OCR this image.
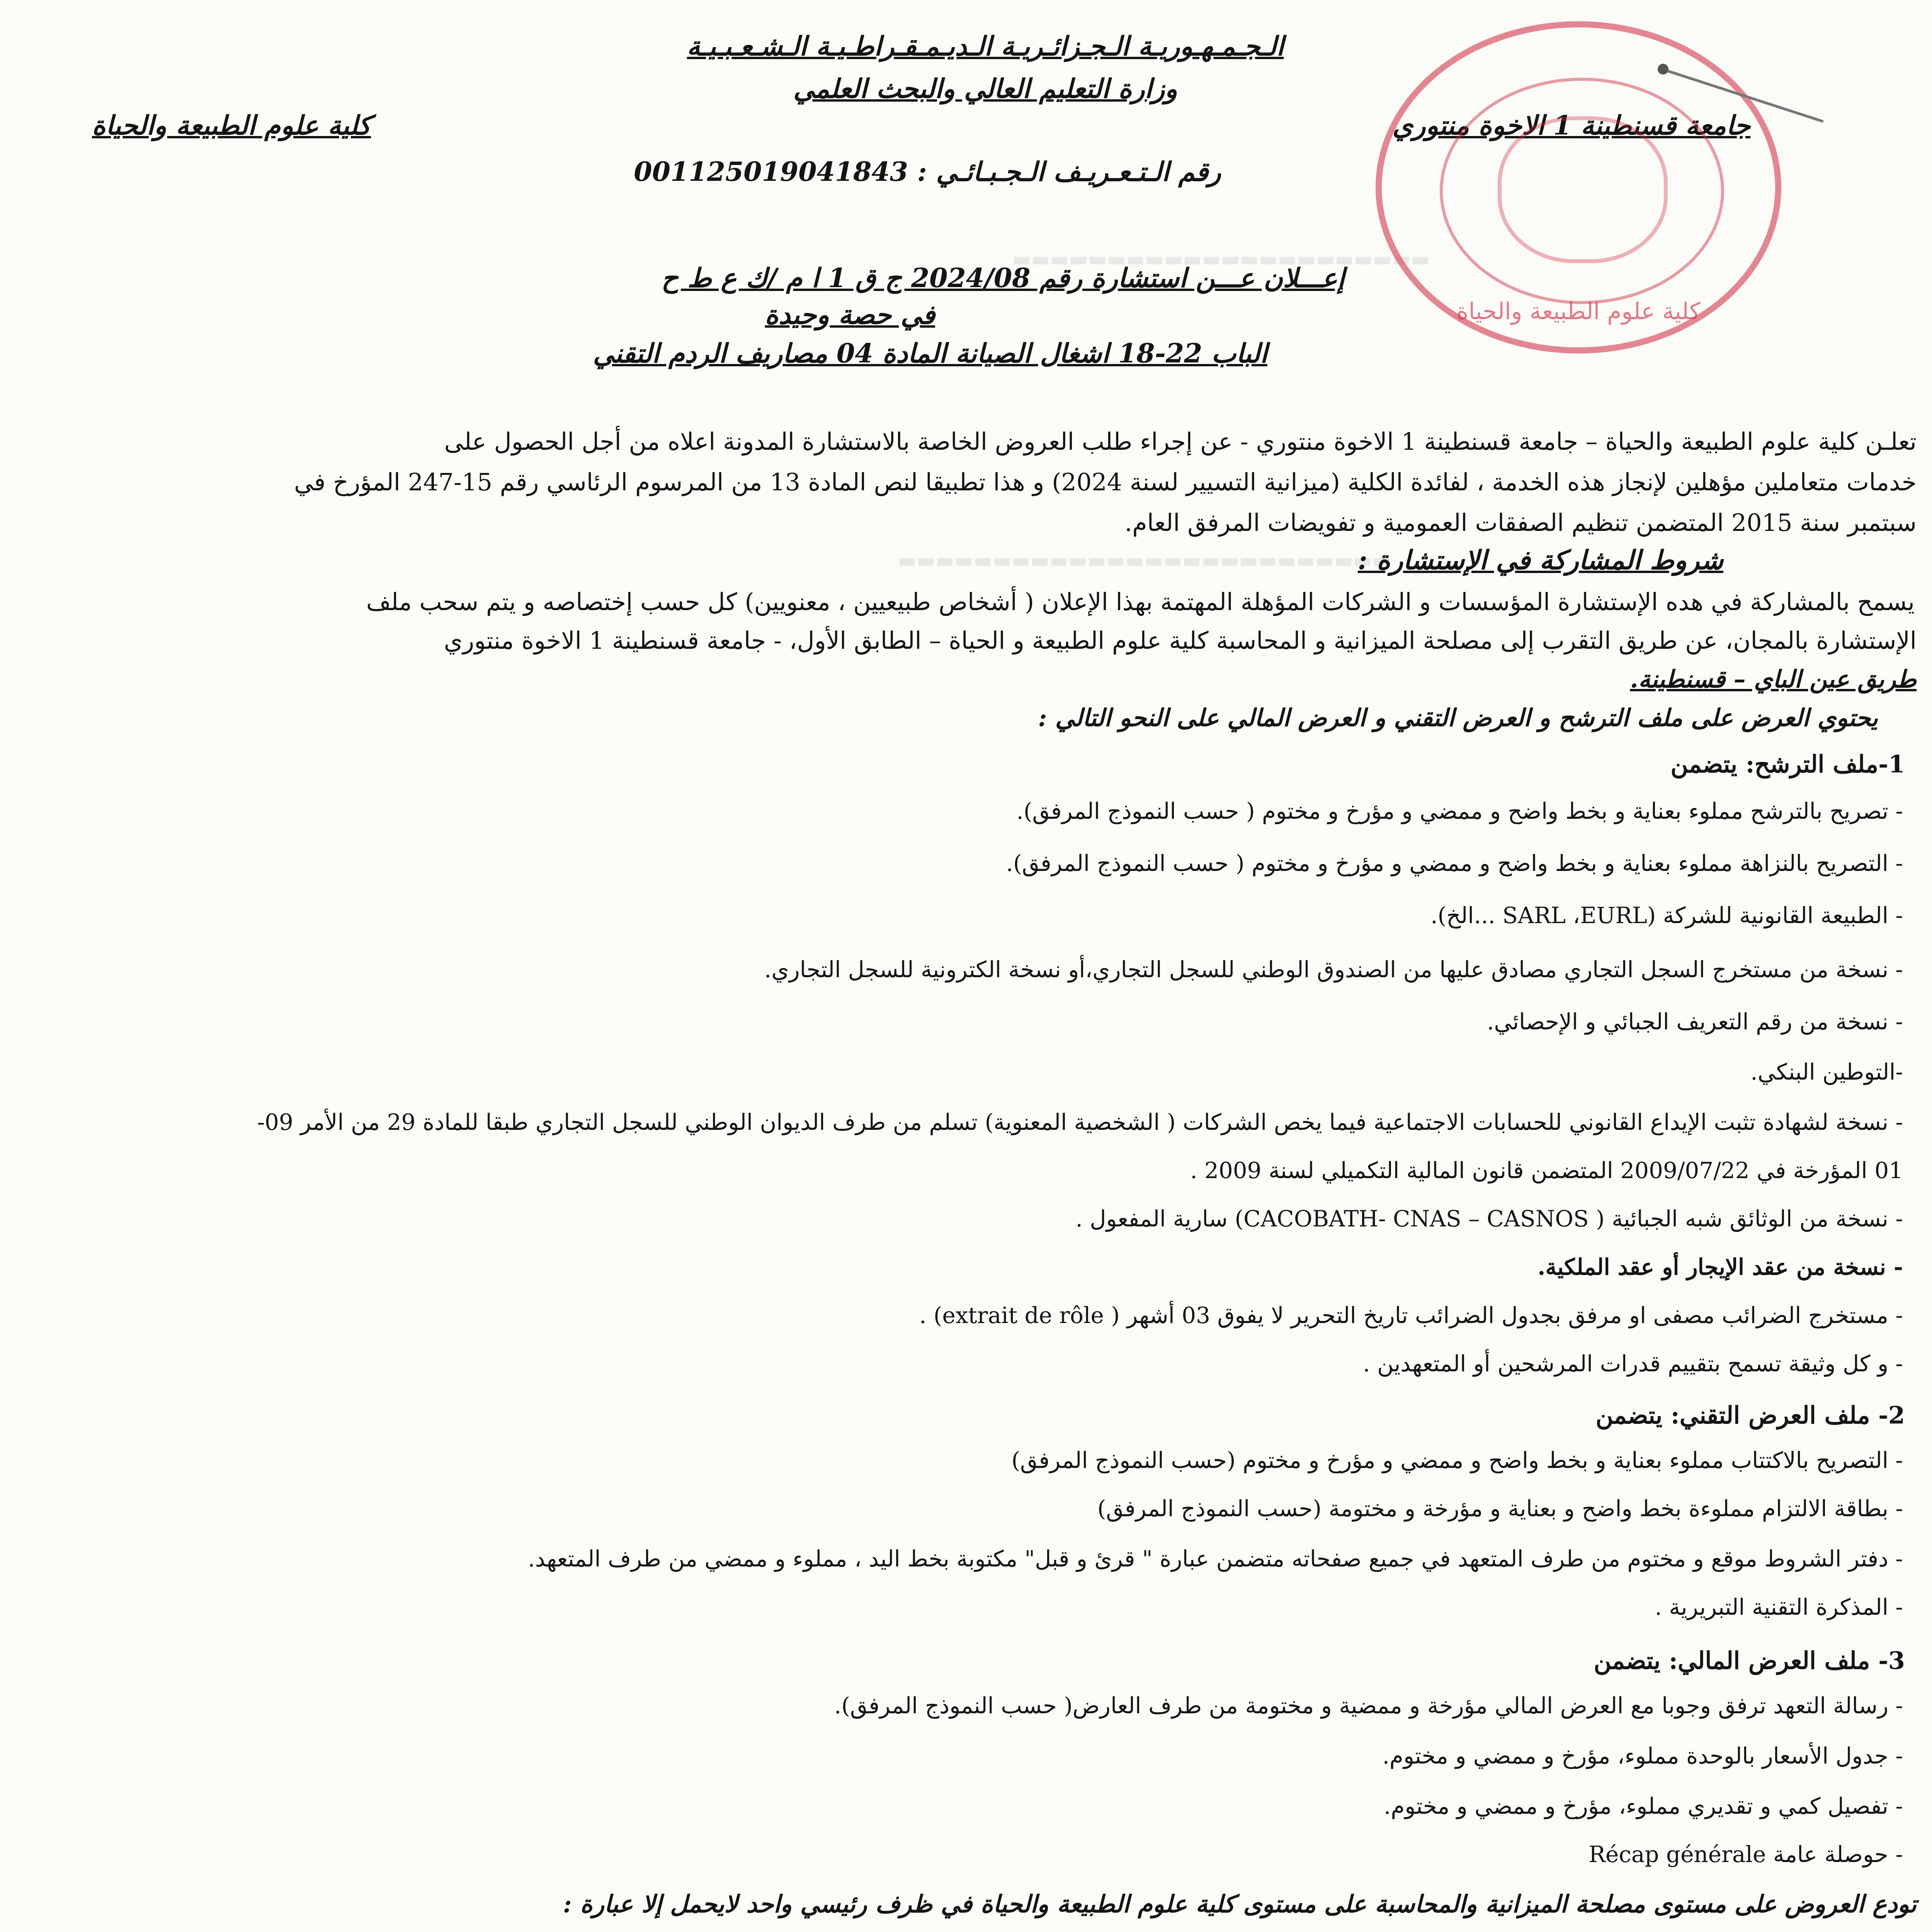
▬▬▬▬▬▬▬▬▬▬▬▬▬▬▬▬▬▬▬▬▬▬
▬▬▬▬▬▬▬▬▬▬▬▬▬▬▬▬▬▬▬▬▬▬▬▬▬▬
الـجـمـهـوريـة الـجـزائـريـة الـديـمـقـراطـيـة الـشـعـبـيـة
وزارة التعليم العالي والبحث العلمي
جامعة قسنطينة 1 الاخوة منتوري
كلية علوم الطبيعة والحياة
رقم الـتـعـريـف الـجـبـائـي : 001125019041843
كلية علوم الطبيعة والحياة
إعـــلان عـــن استشارة رقم 2024/08 ج ق 1 ا م /ك ع ط ح
في حصة وحيدة
الباب 22-18 اشغال الصيانة المادة 04 مصاريف الردم التقني
تعلـن كلية علوم الطبيعة والحياة – جامعة قسنطينة 1 الاخوة منتوري - عن إجراء طلب العروض الخاصة بالاستشارة المدونة اعلاه من أجل الحصول على
خدمات متعاملين مؤهلين لإنجاز هذه الخدمة ، لفائدة الكلية (ميزانية التسيير لسنة 2024) و هذا تطبيقا لنص المادة 13 من المرسوم الرئاسي رقم 15-247 المؤرخ في
سبتمبر سنة 2015 المتضمن تنظيم الصفقات العمومية و تفويضات المرفق العام.
شروط المشاركة في الإستشارة :
يسمح بالمشاركة في هده الإستشارة المؤسسات و الشركات المؤهلة المهتمة بهذا الإعلان ( أشخاص طبيعيين ، معنويين) كل حسب إختصاصه و يتم سحب ملف
الإستشارة بالمجان، عن طريق التقرب إلى مصلحة الميزانية و المحاسبة كلية علوم الطبيعة و الحياة – الطابق الأول، - جامعة قسنطينة 1 الاخوة منتوري
طريق عين الباي – قسنطينة.
يحتوي العرض على ملف الترشح و العرض التقني و العرض المالي على النحو التالي :
1-ملف الترشح: يتضمن
- تصريح بالترشح مملوء بعناية و بخط واضح و ممضي و مؤرخ و مختوم ( حسب النموذج المرفق).
- التصريح بالنزاهة مملوء بعناية و بخط واضح و ممضي و مؤرخ و مختوم ( حسب النموذج المرفق).
- الطبيعة القانونية للشركة (SARL ،EURL ...الخ).
- نسخة من مستخرج السجل التجاري مصادق عليها من الصندوق الوطني للسجل التجاري،أو نسخة الكترونية للسجل التجاري.
- نسخة من رقم التعريف الجبائي و الإحصائي.
-التوطين البنكي.
- نسخة لشهادة تثبت الإيداع القانوني للحسابات الاجتماعية فيما يخص الشركات ( الشخصية المعنوية) تسلم من طرف الديوان الوطني للسجل التجاري طبقا للمادة 29 من الأمر 09-
01 المؤرخة في 2009/07/22 المتضمن قانون المالية التكميلي لسنة 2009 .
- نسخة من الوثائق شبه الجبائية ( CACOBATH- CNAS – CASNOS) سارية المفعول .
- نسخة من عقد الإيجار أو عقد الملكية.
- مستخرج الضرائب مصفى او مرفق بجدول الضرائب تاريخ التحرير لا يفوق 03 أشهر ( extrait de rôle) .
- و كل وثيقة تسمح بتقييم قدرات المرشحين أو المتعهدين .
2- ملف العرض التقني: يتضمن
- التصريح بالاكتتاب مملوء بعناية و بخط واضح و ممضي و مؤرخ و مختوم (حسب النموذج المرفق)
- بطاقة الالتزام مملوءة بخط واضح و بعناية و مؤرخة و مختومة (حسب النموذج المرفق)
- دفتر الشروط موقع و مختوم من طرف المتعهد في جميع صفحاته متضمن عبارة " قرئ و قبل" مكتوبة بخط اليد ، مملوء و ممضي من طرف المتعهد.
- المذكرة التقنية التبريرية .
3- ملف العرض المالي: يتضمن
- رسالة التعهد ترفق وجوبا مع العرض المالي مؤرخة و ممضية و مختومة من طرف العارض( حسب النموذج المرفق).
- جدول الأسعار بالوحدة مملوء، مؤرخ و ممضي و مختوم.
- تفصيل كمي و تقديري مملوء، مؤرخ و ممضي و مختوم.
- حوصلة عامة Récap générale
تودع العروض على مستوى مصلحة الميزانية والمحاسبة على مستوى كلية علوم الطبيعة والحياة في ظرف رئيسي واحد لايحمل إلا عبارة :
